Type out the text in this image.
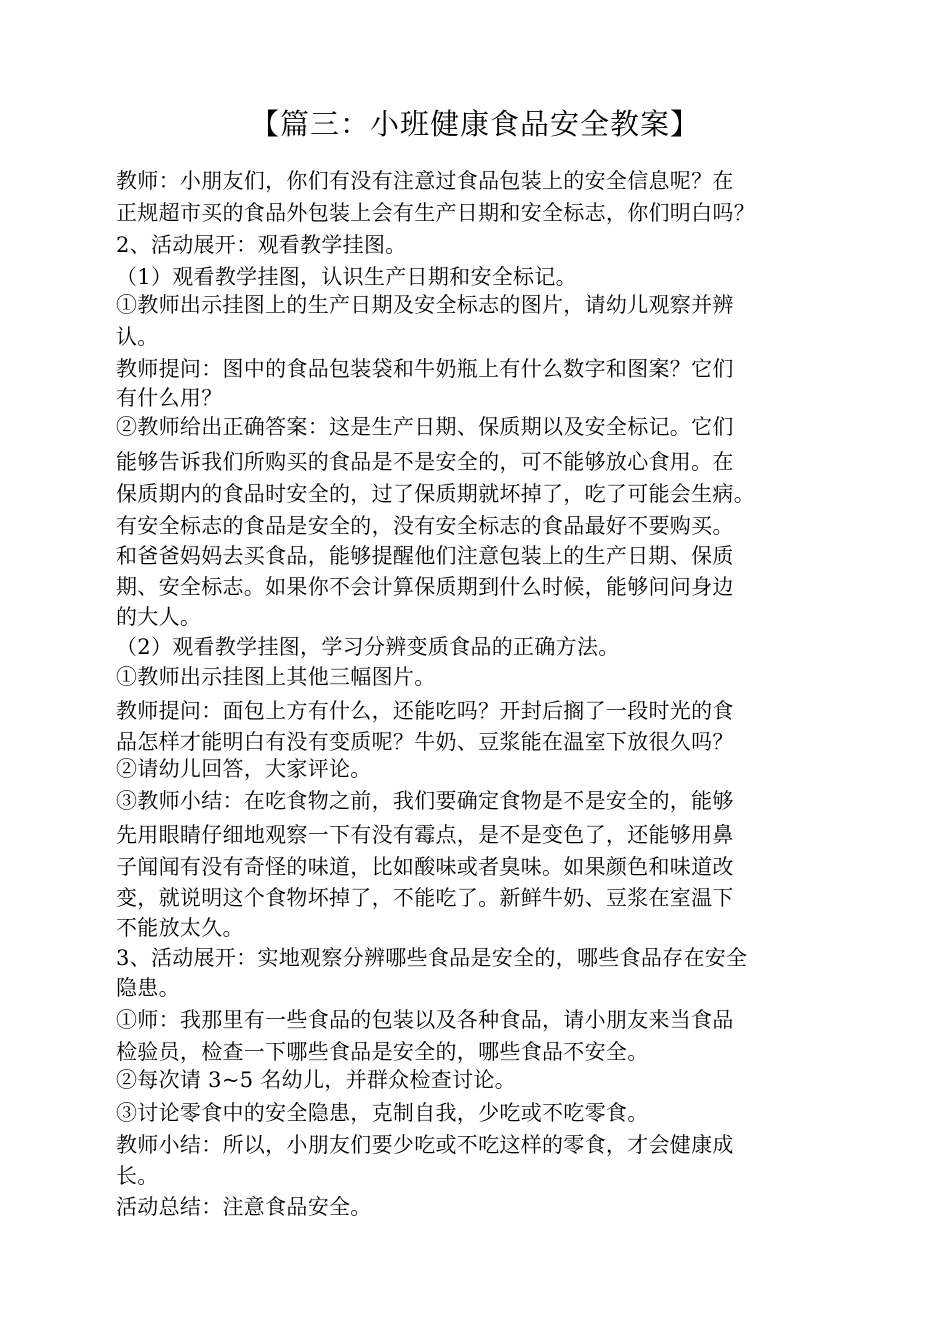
【篇三：小班健康食品安全教案】
教师：小朋友们，你们有没有注意过食品包装上的安全信息呢？在
正规超市买的食品外包装上会有生产日期和安全标志，你们明白吗？
2、活动展开：观看教学挂图。
（1）观看教学挂图，认识生产日期和安全标记。
①教师出示挂图上的生产日期及安全标志的图片，请幼儿观察并辨
认。
教师提问：图中的食品包装袋和牛奶瓶上有什么数字和图案？它们
有什么用？
②教师给出正确答案：这是生产日期、保质期以及安全标记。它们
能够告诉我们所购买的食品是不是安全的，可不能够放心食用。在
保质期内的食品时安全的，过了保质期就坏掉了，吃了可能会生病。
有安全标志的食品是安全的，没有安全标志的食品最好不要购买。
和爸爸妈妈去买食品，能够提醒他们注意包装上的生产日期、保质
期、安全标志。如果你不会计算保质期到什么时候，能够问问身边
的大人。
（2）观看教学挂图，学习分辨变质食品的正确方法。
①教师出示挂图上其他三幅图片。
教师提问：面包上方有什么，还能吃吗？开封后搁了一段时光的食
品怎样才能明白有没有变质呢？牛奶、豆浆能在温室下放很久吗？
②请幼儿回答，大家评论。
③教师小结：在吃食物之前，我们要确定食物是不是安全的，能够
先用眼睛仔细地观察一下有没有霉点，是不是变色了，还能够用鼻
子闻闻有没有奇怪的味道，比如酸味或者臭味。如果颜色和味道改
变，就说明这个食物坏掉了，不能吃了。新鲜牛奶、豆浆在室温下
不能放太久。
3、活动展开：实地观察分辨哪些食品是安全的，哪些食品存在安全
隐患。
①师：我那里有一些食品的包装以及各种食品，请小朋友来当食品
检验员，检查一下哪些食品是安全的，哪些食品不安全。
②每次请 3~5 名幼儿，并群众检查讨论。
③讨论零食中的安全隐患，克制自我，少吃或不吃零食。
教师小结：所以，小朋友们要少吃或不吃这样的零食，才会健康成
长。
活动总结：注意食品安全。
